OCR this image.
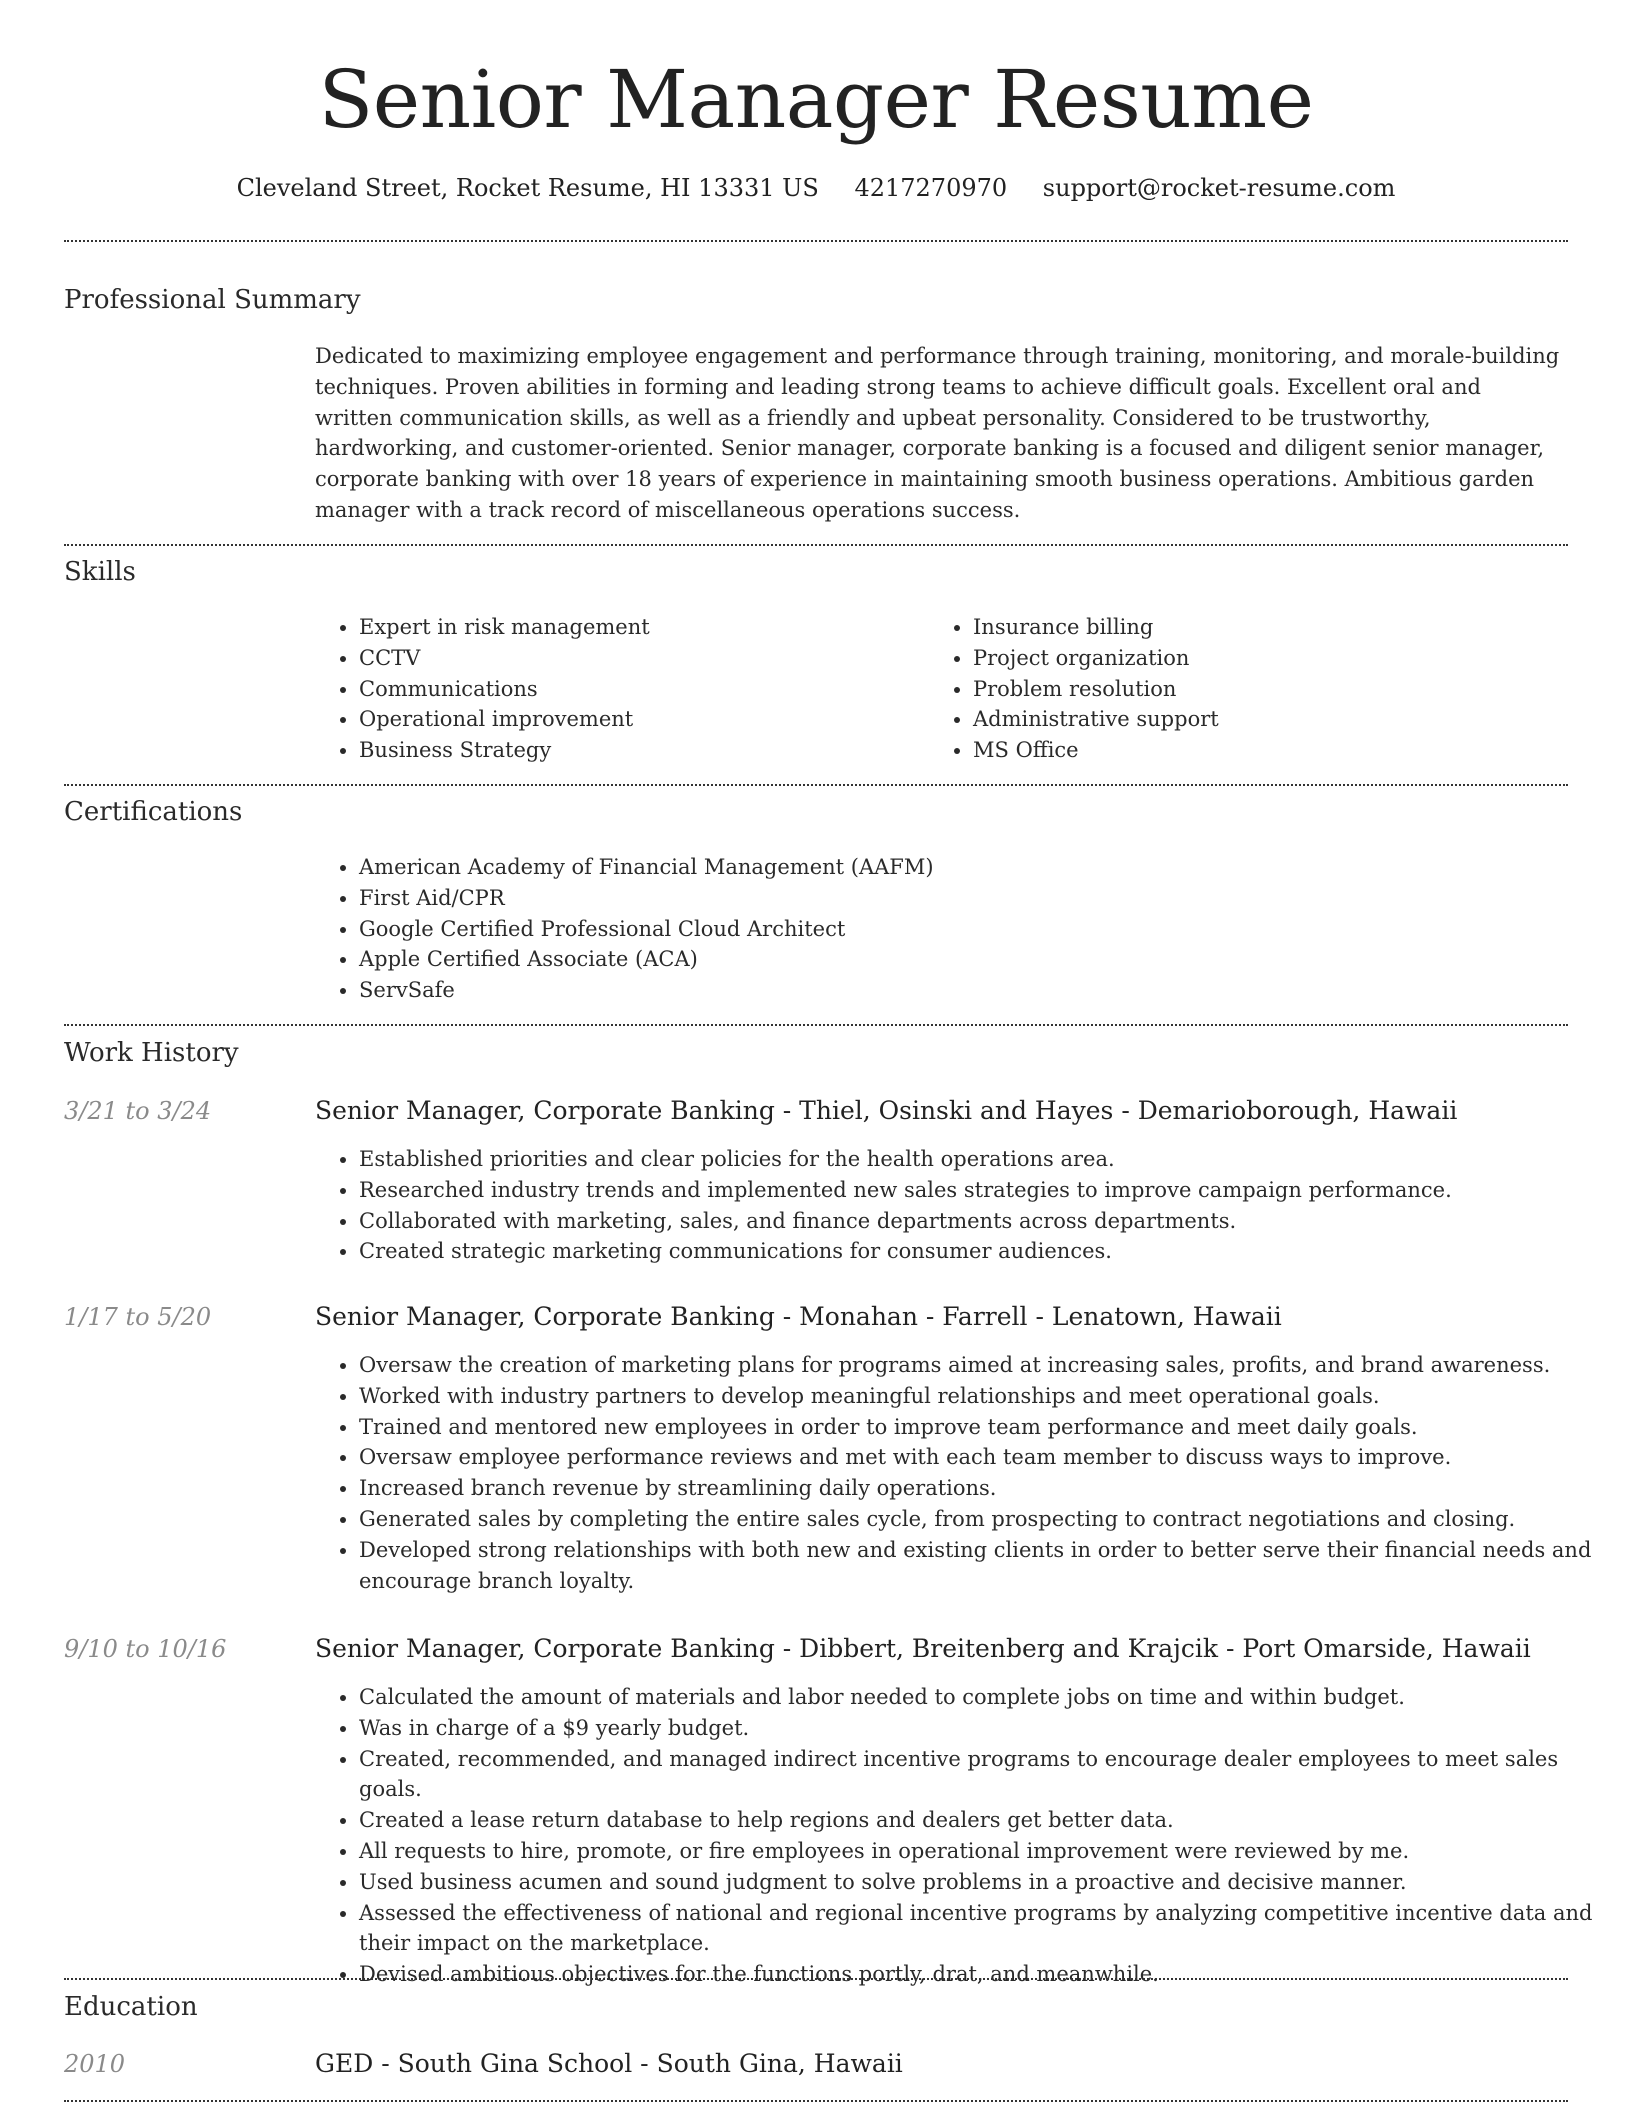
Senior Manager Resume
Cleveland Street, Rocket Resume, HI 13331 US 4217270970 support@rocket-resume.com
Professional Summary

Dedicated to maximizing employee engagement and performance through training, monitoring, and morale-building techniques. Proven abilities in forming and leading strong teams to achieve difficult goals. Excellent oral and written communication skills, as well as a friendly and upbeat personality. Considered to be trustworthy, hardworking, and customer-oriented. Senior manager, corporate banking is a focused and diligent senior manager, corporate banking with over 18 years of experience in maintaining smooth business operations. Ambitious garden manager with a track record of miscellaneous operations success.

Skills
• Expert in risk management
• CCTV
• Communications
• Operational improvement
• Business Strategy
• Insurance billing
• Project organization
• Problem resolution
• Administrative support
• MS Office
Certifications
• American Academy of Financial Management (AAFM)
• First Aid/CPR
• Google Certified Professional Cloud Architect
• Apple Certified Associate (ACA)
• ServSafe
Work History
3/21 to 3/24	Senior Manager, Corporate Banking - Thiel, Osinski and Hayes - Demarioborough, Hawaii
• Established priorities and clear policies for the health operations area.
• Researched industry trends and implemented new sales strategies to improve campaign performance.
• Collaborated with marketing, sales, and finance departments across departments.
• Created strategic marketing communications for consumer audiences.
1/17 to 5/20	Senior Manager, Corporate Banking - Monahan - Farrell - Lenatown, Hawaii
• Oversaw the creation of marketing plans for programs aimed at increasing sales, profits, and brand awareness.
• Worked with industry partners to develop meaningful relationships and meet operational goals.
• Trained and mentored new employees in order to improve team performance and meet daily goals.
• Oversaw employee performance reviews and met with each team member to discuss ways to improve.
• Increased branch revenue by streamlining daily operations.
• Generated sales by completing the entire sales cycle, from prospecting to contract negotiations and closing.
• Developed strong relationships with both new and existing clients in order to better serve their financial needs and encourage branch loyalty.
9/10 to 10/16	Senior Manager, Corporate Banking - Dibbert, Breitenberg and Krajcik - Port Omarside, Hawaii
• Calculated the amount of materials and labor needed to complete jobs on time and within budget.
• Was in charge of a $9 yearly budget.
• Created, recommended, and managed indirect incentive programs to encourage dealer employees to meet sales goals.
• Created a lease return database to help regions and dealers get better data.
• All requests to hire, promote, or fire employees in operational improvement were reviewed by me.
• Used business acumen and sound judgment to solve problems in a proactive and decisive manner.
• Assessed the effectiveness of national and regional incentive programs by analyzing competitive incentive data and their impact on the marketplace.
• Devised ambitious objectives for the functions portly, drat, and meanwhile.
Education
2010	GED - South Gina School - South Gina, Hawaii
